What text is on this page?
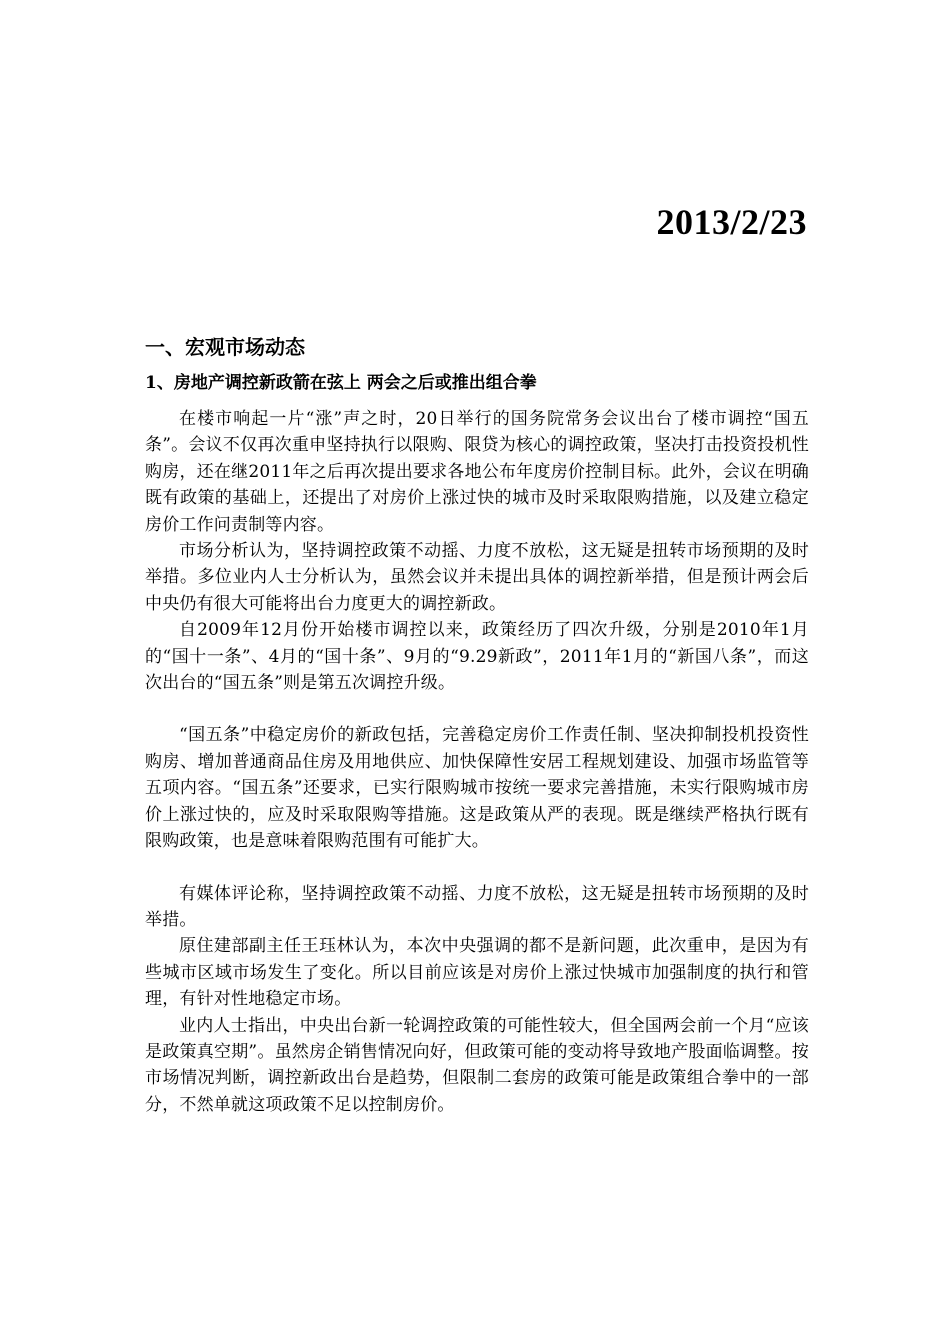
2013/2/23
一、宏观市场动态
1、房地产调控新政箭在弦上 两会之后或推出组合拳

在楼市响起一片“涨”声之时，20日举行的国务院常务会议出台了楼市调控“国五条”。会议不仅再次重申坚持执行以限购、限贷为核心的调控政策，坚决打击投资投机性购房，还在继2011年之后再次提出要求各地公布年度房价控制目标。此外，会议在明确既有政策的基础上，还提出了对房价上涨过快的城市及时采取限购措施，以及建立稳定房价工作问责制等内容。

市场分析认为，坚持调控政策不动摇、力度不放松，这无疑是扭转市场预期的及时举措。多位业内人士分析认为，虽然会议并未提出具体的调控新举措，但是预计两会后中央仍有很大可能将出台力度更大的调控新政。

自2009年12月份开始楼市调控以来，政策经历了四次升级，分别是2010年1月的“国十一条”、4月的“国十条”、9月的“9.29新政”，2011年1月的“新国八条”，而这次出台的“国五条”则是第五次调控升级。

“国五条”中稳定房价的新政包括，完善稳定房价工作责任制、坚决抑制投机投资性购房、增加普通商品住房及用地供应、加快保障性安居工程规划建设、加强市场监管等五项内容。“国五条”还要求，已实行限购城市按统一要求完善措施，未实行限购城市房价上涨过快的，应及时采取限购等措施。这是政策从严的表现。既是继续严格执行既有限购政策，也是意味着限购范围有可能扩大。

有媒体评论称，坚持调控政策不动摇、力度不放松，这无疑是扭转市场预期的及时举措。

原住建部副主任王珏林认为，本次中央强调的都不是新问题，此次重申，是因为有些城市区域市场发生了变化。所以目前应该是对房价上涨过快城市加强制度的执行和管理，有针对性地稳定市场。

业内人士指出，中央出台新一轮调控政策的可能性较大，但全国两会前一个月“应该是政策真空期”。虽然房企销售情况向好，但政策可能的变动将导致地产股面临调整。按市场情况判断，调控新政出台是趋势，但限制二套房的政策可能是政策组合拳中的一部分，不然单就这项政策不足以控制房价。
